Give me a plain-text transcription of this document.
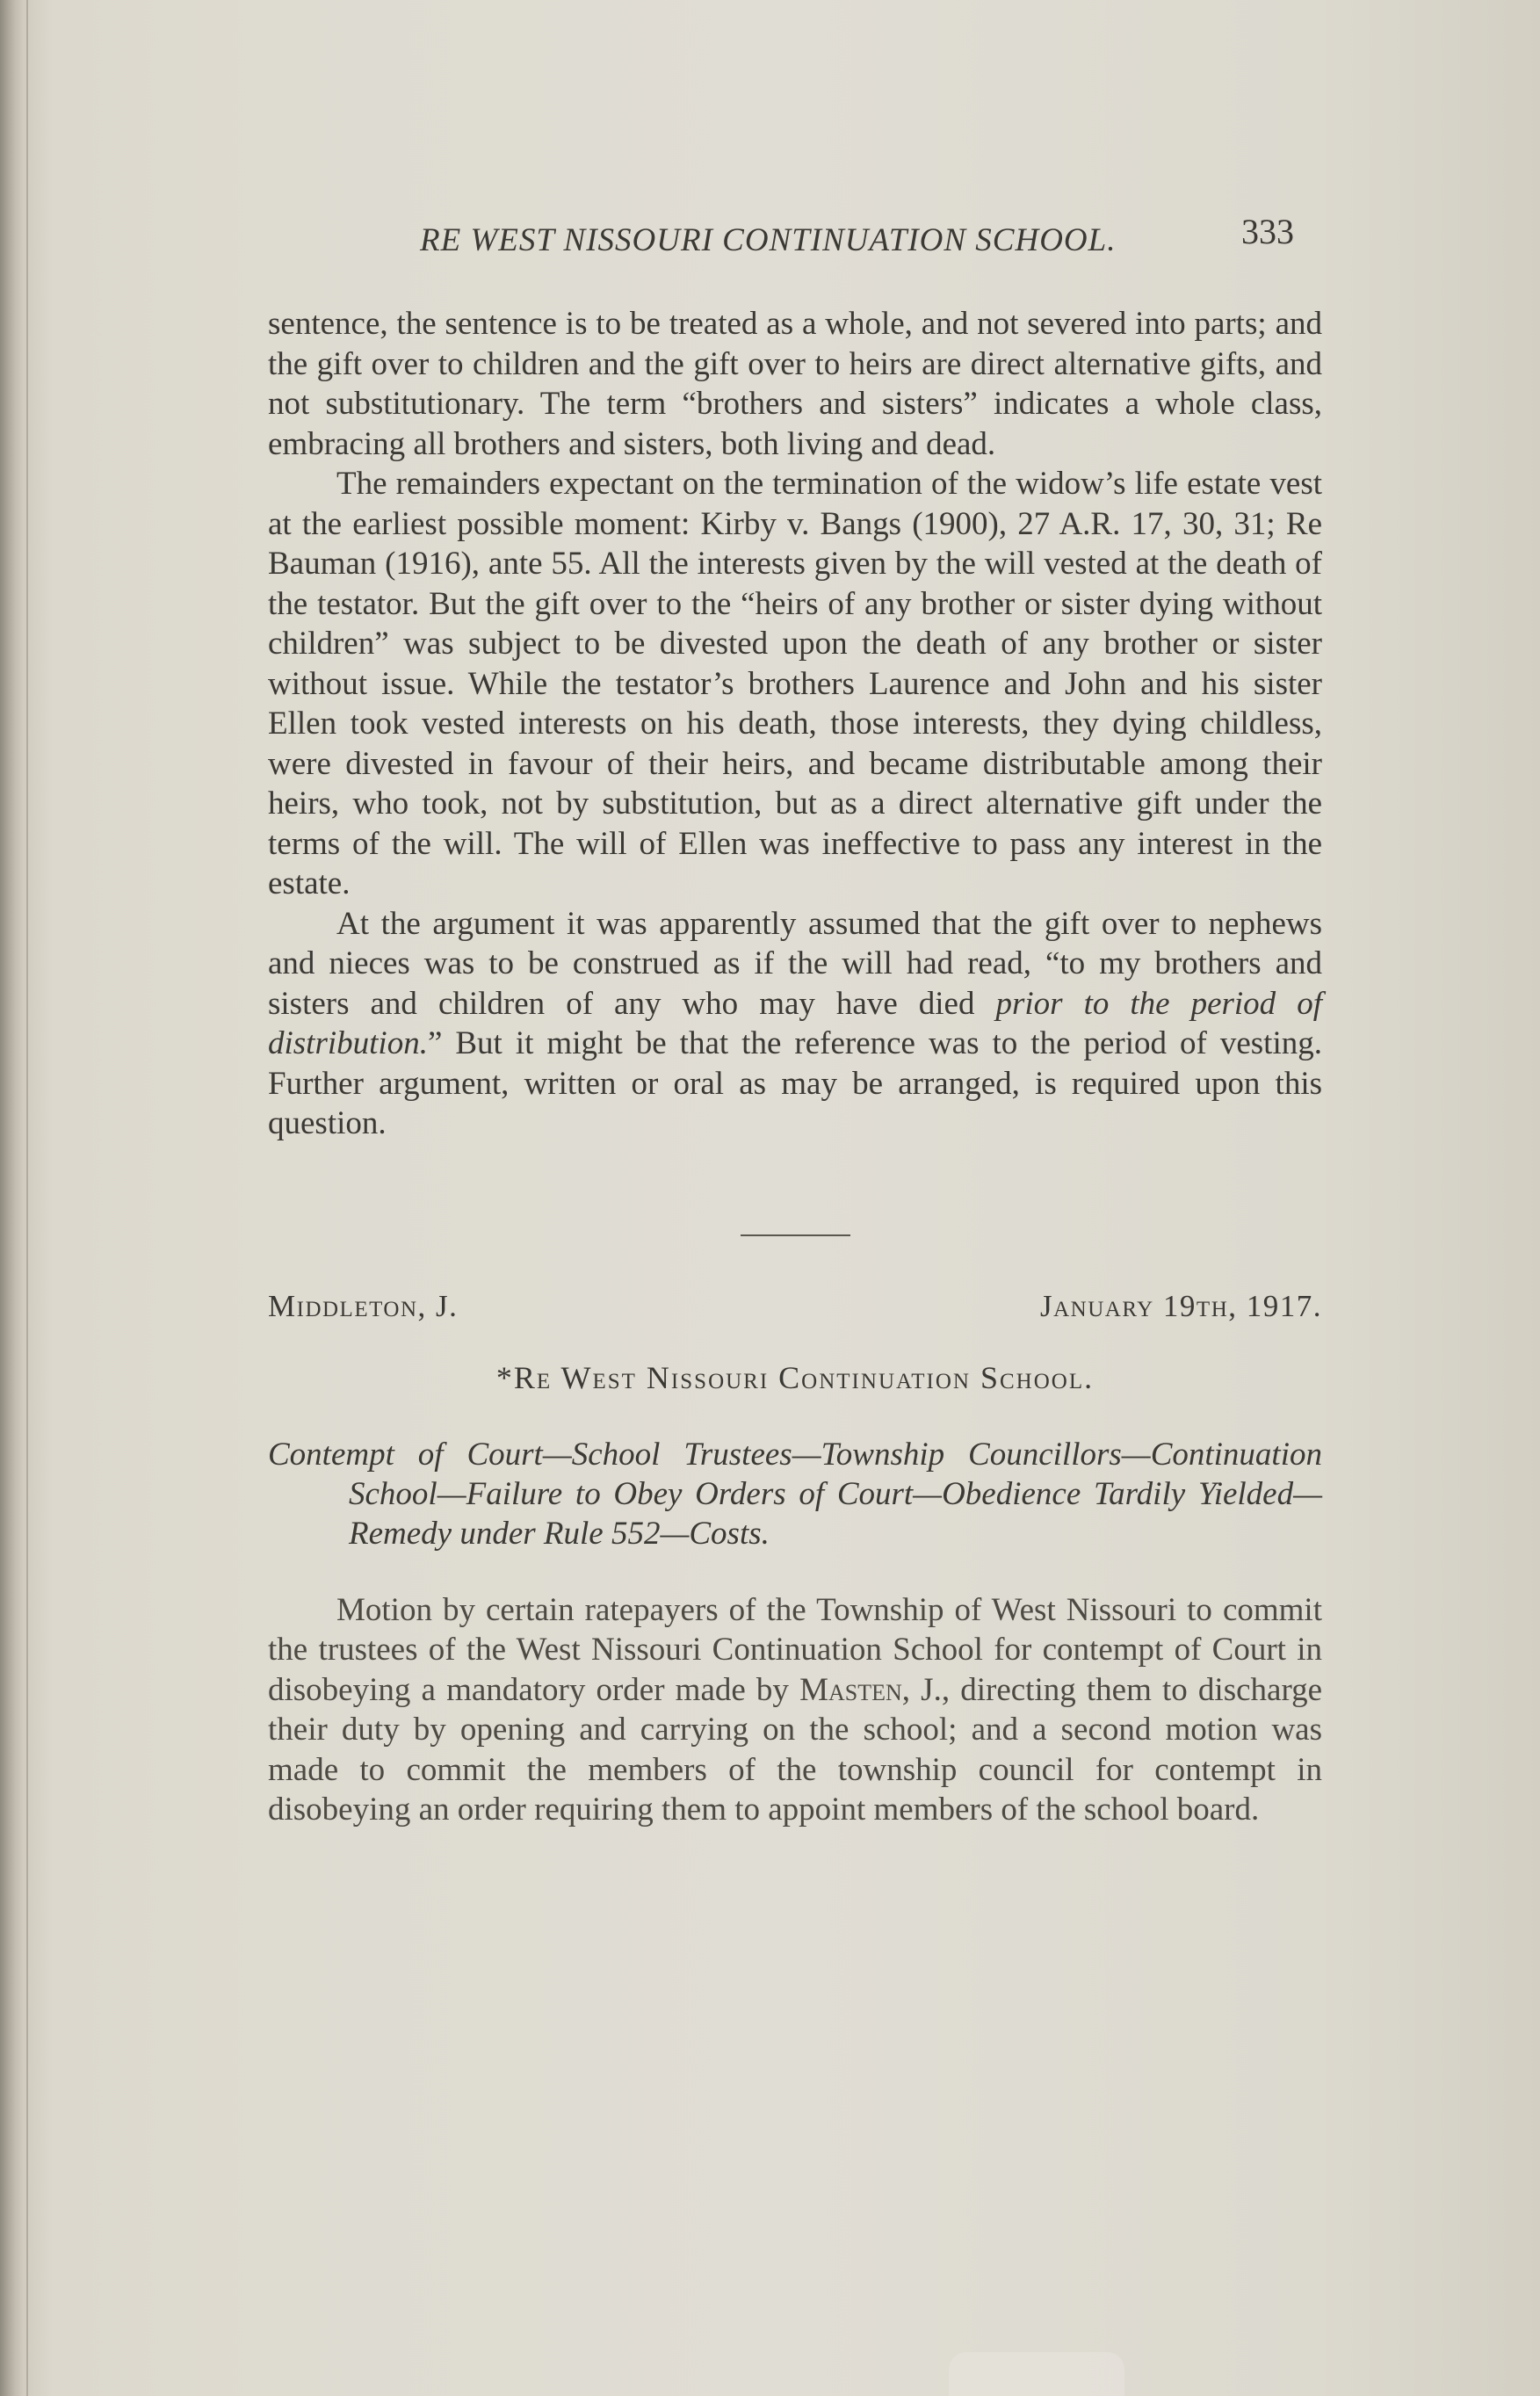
RE WEST NISSOURI CONTINUATION SCHOOL.	333

sentence, the sentence is to be treated as a whole, and not severed into parts; and the gift over to children and the gift over to heirs are direct alternative gifts, and not substitutionary. The term “brothers and sisters” indicates a whole class, embracing all brothers and sisters, both living and dead.

The remainders expectant on the termination of the widow’s life estate vest at the earliest possible moment: Kirby v. Bangs (1900), 27 A.R. 17, 30, 31; Re Bauman (1916), ante 55. All the interests given by the will vested at the death of the testator. But the gift over to the “heirs of any brother or sister dying without children” was subject to be divested upon the death of any brother or sister without issue. While the testator’s brothers Laurence and John and his sister Ellen took vested interests on his death, those interests, they dying childless, were divested in favour of their heirs, and became distributable among their heirs, who took, not by substitution, but as a direct alternative gift under the terms of the will. The will of Ellen was ineffective to pass any interest in the estate.

At the argument it was apparently assumed that the gift over to nephews and nieces was to be construed as if the will had read, “to my brothers and sisters and children of any who may have died prior to the period of distribution.” But it might be that the reference was to the period of vesting. Further argument, written or oral as may be arranged, is required upon this question.

Middleton, J.	January 19th, 1917.
*Re West Nissouri Continuation School.

Contempt of Court—School Trustees—Township Councillors—Continuation School—Failure to Obey Orders of Court—Obedience Tardily Yielded—Remedy under Rule 552—Costs.

Motion by certain ratepayers of the Township of West Nissouri to commit the trustees of the West Nissouri Continuation School for contempt of Court in disobeying a mandatory order made by Masten, J., directing them to discharge their duty by opening and carrying on the school; and a second motion was made to commit the members of the township council for contempt in disobeying an order requiring them to appoint members of the school board.
